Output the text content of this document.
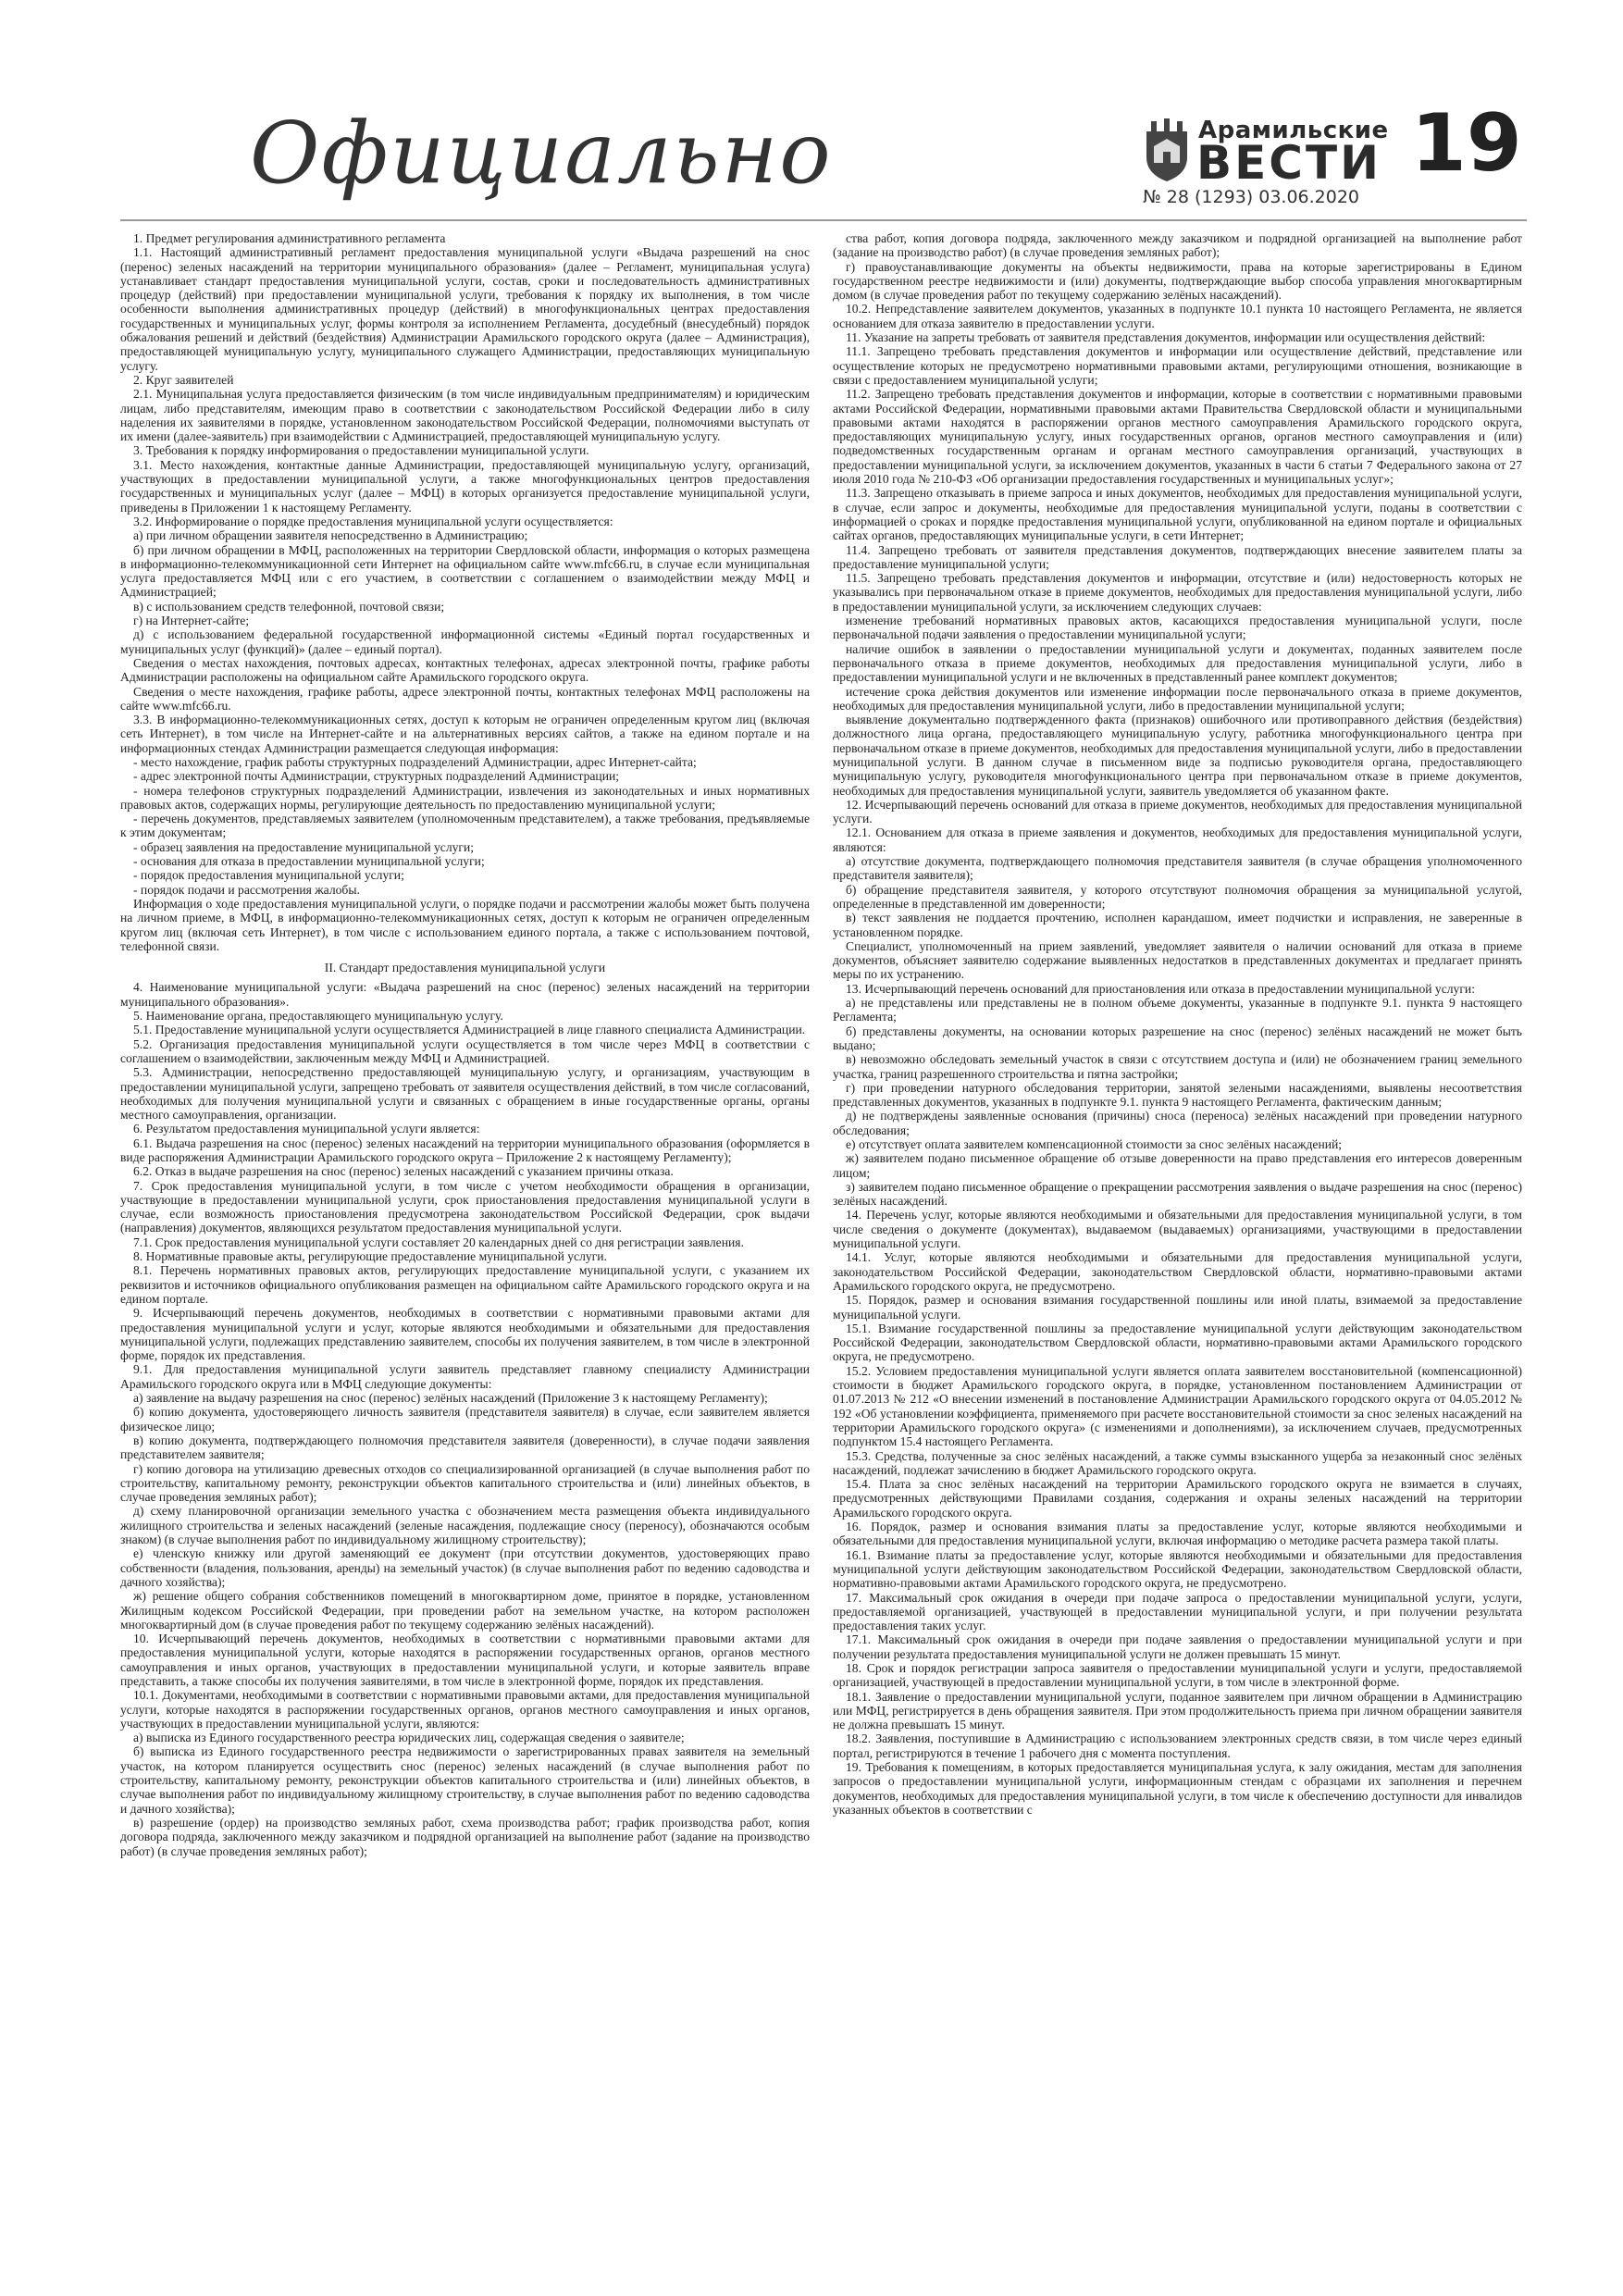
Официально	Арамильские
ВЕСТИ 19
№ 28 (1293) 03.06.2020

1. Предмет регулирования административного регламента

1.1. Настоящий административный регламент предоставления муниципальной услуги «Выдача разрешений на снос (перенос) зеленых насаждений на территории муниципального образования» (далее – Регламент, муниципальная услуга) устанавливает стандарт предоставления муниципальной услуги, состав, сроки и последовательность административных процедур (действий) при предоставлении муниципальной услуги, требования к порядку их выполнения, в том числе особенности выполнения административных процедур (действий) в многофункциональных центрах предоставления государственных и муниципальных услуг, формы контроля за исполнением Регламента, досудебный (внесудебный) порядок обжалования решений и действий (бездействия) Администрации Арамильского городского округа (далее – Администрация), предоставляющей муниципальную услугу, муниципального служащего Администрации, предоставляющих муниципальную услугу.

2. Круг заявителей

2.1. Муниципальная услуга предоставляется физическим (в том числе индивидуальным предпринимателям) и юридическим лицам, либо представителям, имеющим право в соответствии с законодательством Российской Федерации либо в силу наделения их заявителями в порядке, установленном законодательством Российской Федерации, полномочиями выступать от их имени (далее-заявитель) при взаимодействии с Администрацией, предоставляющей муниципальную услугу.

3. Требования к порядку информирования о предоставлении муниципальной услуги.

3.1. Место нахождения, контактные данные Администрации, предоставляющей муниципальную услугу, организаций, участвующих в предоставлении муниципальной услуги, а также многофункциональных центров предоставления государственных и муниципальных услуг (далее – МФЦ) в которых организуется предоставление муниципальной услуги, приведены в Приложении 1 к настоящему Регламенту.

3.2. Информирование о порядке предоставления муниципальной услуги осуществляется:

а) при личном обращении заявителя непосредственно в Администрацию;

б) при личном обращении в МФЦ, расположенных на территории Свердловской области, информация о которых размещена в информационно-телекоммуникационной сети Интернет на официальном сайте www.mfc66.ru, в случае если муниципальная услуга предоставляется МФЦ или с его участием, в соответствии с соглашением о взаимодействии между МФЦ и Администрацией;

в) с использованием средств телефонной, почтовой связи;

г) на Интернет-сайте;

д) с использованием федеральной государственной информационной системы «Единый портал государственных и муниципальных услуг (функций)» (далее – единый портал).

Сведения о местах нахождения, почтовых адресах, контактных телефонах, адресах электронной почты, графике работы Администрации расположены на официальном сайте Арамильского городского округа.

Сведения о месте нахождения, графике работы, адресе электронной почты, контактных телефонах МФЦ расположены на сайте www.mfc66.ru.

3.3. В информационно-телекоммуникационных сетях, доступ к которым не ограничен определенным кругом лиц (включая сеть Интернет), в том числе на Интернет-сайте и на альтернативных версиях сайтов, а также на едином портале и на информационных стендах Администрации размещается следующая информация:

- место нахождение, график работы структурных подразделений Администрации, адрес Интернет-сайта;

- адрес электронной почты Администрации, структурных подразделений Администрации;

- номера телефонов структурных подразделений Администрации, извлечения из законодательных и иных нормативных правовых актов, содержащих нормы, регулирующие деятельность по предоставлению муниципальной услуги;

- перечень документов, представляемых заявителем (уполномоченным представителем), а также требования, предъявляемые к этим документам;

- образец заявления на предоставление муниципальной услуги;

- основания для отказа в предоставлении муниципальной услуги;

- порядок предоставления муниципальной услуги;

- порядок подачи и рассмотрения жалобы.

Информация о ходе предоставления муниципальной услуги, о порядке подачи и рассмотрении жалобы может быть получена на личном приеме, в МФЦ, в информационно-телекоммуникационных сетях, доступ к которым не ограничен определенным кругом лиц (включая сеть Интернет), в том числе с использованием единого портала, а также с использованием почтовой, телефонной связи.

II. Стандарт предоставления муниципальной услуги

4. Наименование муниципальной услуги: «Выдача разрешений на снос (перенос) зеленых насаждений на территории муниципального образования».

5. Наименование органа, предоставляющего муниципальную услугу.

5.1. Предоставление муниципальной услуги осуществляется Администрацией в лице главного специалиста Администрации.

5.2. Организация предоставления муниципальной услуги осуществляется в том числе через МФЦ в соответствии с соглашением о взаимодействии, заключенным между МФЦ и Администрацией.

5.3. Администрации, непосредственно предоставляющей муниципальную услугу, и организациям, участвующим в предоставлении муниципальной услуги, запрещено требовать от заявителя осуществления действий, в том числе согласований, необходимых для получения муниципальной услуги и связанных с обращением в иные государственные органы, органы местного самоуправления, организации.

6. Результатом предоставления муниципальной услуги является:

6.1. Выдача разрешения на снос (перенос) зеленых насаждений на территории муниципального образования (оформляется в виде распоряжения Администрации Арамильского городского округа – Приложение 2 к настоящему Регламенту);

6.2. Отказ в выдаче разрешения на снос (перенос) зеленых насаждений с указанием причины отказа.

7. Срок предоставления муниципальной услуги, в том числе с учетом необходимости обращения в организации, участвующие в предоставлении муниципальной услуги, срок приостановления предоставления муниципальной услуги в случае, если возможность приостановления предусмотрена законодательством Российской Федерации, срок выдачи (направления) документов, являющихся результатом предоставления муниципальной услуги.

7.1. Срок предоставления муниципальной услуги составляет 20 календарных дней со дня регистрации заявления.

8. Нормативные правовые акты, регулирующие предоставление муниципальной услуги.

8.1. Перечень нормативных правовых актов, регулирующих предоставление муниципальной услуги, с указанием их реквизитов и источников официального опубликования размещен на официальном сайте Арамильского городского округа и на едином портале.

9. Исчерпывающий перечень документов, необходимых в соответствии с нормативными правовыми актами для предоставления муниципальной услуги и услуг, которые являются необходимыми и обязательными для предоставления муниципальной услуги, подлежащих представлению заявителем, способы их получения заявителем, в том числе в электронной форме, порядок их представления.

9.1. Для предоставления муниципальной услуги заявитель представляет главному специалисту Администрации Арамильского городского округа или в МФЦ следующие документы:

а) заявление на выдачу разрешения на снос (перенос) зелёных насаждений (Приложение 3 к настоящему Регламенту);

б) копию документа, удостоверяющего личность заявителя (представителя заявителя) в случае, если заявителем является физическое лицо;

в) копию документа, подтверждающего полномочия представителя заявителя (доверенности), в случае подачи заявления представителем заявителя;

г) копию договора на утилизацию древесных отходов со специализированной организацией (в случае выполнения работ по строительству, капитальному ремонту, реконструкции объектов капитального строительства и (или) линейных объектов, в случае проведения земляных работ);

д) схему планировочной организации земельного участка с обозначением места размещения объекта индивидуального жилищного строительства и зеленых насаждений (зеленые насаждения, подлежащие сносу (переносу), обозначаются особым знаком) (в случае выполнения работ по индивидуальному жилищному строительству);

е) членскую книжку или другой заменяющий ее документ (при отсутствии документов, удостоверяющих право собственности (владения, пользования, аренды) на земельный участок) (в случае выполнения работ по ведению садоводства и дачного хозяйства);

ж) решение общего собрания собственников помещений в многоквартирном доме, принятое в порядке, установленном Жилищным кодексом Российской Федерации, при проведении работ на земельном участке, на котором расположен многоквартирный дом (в случае проведения работ по текущему содержанию зелёных насаждений).

10. Исчерпывающий перечень документов, необходимых в соответствии с нормативными правовыми актами для предоставления муниципальной услуги, которые находятся в распоряжении государственных органов, органов местного самоуправления и иных органов, участвующих в предоставлении муниципальной услуги, и которые заявитель вправе представить, а также способы их получения заявителями, в том числе в электронной форме, порядок их представления.

10.1. Документами, необходимыми в соответствии с нормативными правовыми актами, для предоставления муниципальной услуги, которые находятся в распоряжении государственных органов, органов местного самоуправления и иных органов, участвующих в предоставлении муниципальной услуги, являются:

а) выписка из Единого государственного реестра юридических лиц, содержащая сведения о заявителе;

б) выписка из Единого государственного реестра недвижимости о зарегистрированных правах заявителя на земельный участок, на котором планируется осуществить снос (перенос) зеленых насаждений (в случае выполнения работ по строительству, капитальному ремонту, реконструкции объектов капитального строительства и (или) линейных объектов, в случае выполнения работ по индивидуальному жилищному строительству, в случае выполнения работ по ведению садоводства и дачного хозяйства);

в) разрешение (ордер) на производство земляных работ, схема производства работ; график производства работ, копия договора подряда, заключенного между заказчиком и подрядной организацией на выполнение работ (задание на производство работ) (в случае проведения земляных работ);

ства работ, копия договора подряда, заключенного между заказчиком и подрядной организацией на выполнение работ (задание на производство работ) (в случае проведения земляных работ);

г) правоустанавливающие документы на объекты недвижимости, права на которые зарегистрированы в Едином государственном реестре недвижимости и (или) документы, подтверждающие выбор способа управления многоквартирным домом (в случае проведения работ по текущему содержанию зелёных насаждений).

10.2. Непредставление заявителем документов, указанных в подпункте 10.1 пункта 10 настоящего Регламента, не является основанием для отказа заявителю в предоставлении услуги.

11. Указание на запреты требовать от заявителя представления документов, информации или осуществления действий:

11.1. Запрещено требовать представления документов и информации или осуществление действий, представление или осуществление которых не предусмотрено нормативными правовыми актами, регулирующими отношения, возникающие в связи с предоставлением муниципальной услуги;

11.2. Запрещено требовать представления документов и информации, которые в соответствии с нормативными правовыми актами Российской Федерации, нормативными правовыми актами Правительства Свердловской области и муниципальными правовыми актами находятся в распоряжении органов местного самоуправления Арамильского городского округа, предоставляющих муниципальную услугу, иных государственных органов, органов местного самоуправления и (или) подведомственных государственным органам и органам местного самоуправления организаций, участвующих в предоставлении муниципальной услуги, за исключением документов, указанных в части 6 статьи 7 Федерального закона от 27 июля 2010 года № 210-ФЗ «Об организации предоставления государственных и муниципальных услуг»;

11.3. Запрещено отказывать в приеме запроса и иных документов, необходимых для предоставления муниципальной услуги, в случае, если запрос и документы, необходимые для предоставления муниципальной услуги, поданы в соответствии с информацией о сроках и порядке предоставления муниципальной услуги, опубликованной на едином портале и официальных сайтах органов, предоставляющих муниципальные услуги, в сети Интернет;

11.4. Запрещено требовать от заявителя представления документов, подтверждающих внесение заявителем платы за предоставление муниципальной услуги;

11.5. Запрещено требовать представления документов и информации, отсутствие и (или) недостоверность которых не указывались при первоначальном отказе в приеме документов, необходимых для предоставления муниципальной услуги, либо в предоставлении муниципальной услуги, за исключением следующих случаев:

изменение требований нормативных правовых актов, касающихся предоставления муниципальной услуги, после первоначальной подачи заявления о предоставлении муниципальной услуги;

наличие ошибок в заявлении о предоставлении муниципальной услуги и документах, поданных заявителем после первоначального отказа в приеме документов, необходимых для предоставления муниципальной услуги, либо в предоставлении муниципальной услуги и не включенных в представленный ранее комплект документов;

истечение срока действия документов или изменение информации после первоначального отказа в приеме документов, необходимых для предоставления муниципальной услуги, либо в предоставлении муниципальной услуги;

выявление документально подтвержденного факта (признаков) ошибочного или противоправного действия (бездействия) должностного лица органа, предоставляющего муниципальную услугу, работника многофункционального центра при первоначальном отказе в приеме документов, необходимых для предоставления муниципальной услуги, либо в предоставлении муниципальной услуги. В данном случае в письменном виде за подписью руководителя органа, предоставляющего муниципальную услугу, руководителя многофункционального центра при первоначальном отказе в приеме документов, необходимых для предоставления муниципальной услуги, заявитель уведомляется об указанном факте.

12. Исчерпывающий перечень оснований для отказа в приеме документов, необходимых для предоставления муниципальной услуги.

12.1. Основанием для отказа в приеме заявления и документов, необходимых для предоставления муниципальной услуги, являются:

а) отсутствие документа, подтверждающего полномочия представителя заявителя (в случае обращения уполномоченного представителя заявителя);

б) обращение представителя заявителя, у которого отсутствуют полномочия обращения за муниципальной услугой, определенные в представленной им доверенности;

в) текст заявления не поддается прочтению, исполнен карандашом, имеет подчистки и исправления, не заверенные в установленном порядке.

Специалист, уполномоченный на прием заявлений, уведомляет заявителя о наличии оснований для отказа в приеме документов, объясняет заявителю содержание выявленных недостатков в представленных документах и предлагает принять меры по их устранению.

13. Исчерпывающий перечень оснований для приостановления или отказа в предоставлении муниципальной услуги:

а) не представлены или представлены не в полном объеме документы, указанные в подпункте 9.1. пункта 9 настоящего Регламента;

б) представлены документы, на основании которых разрешение на снос (перенос) зелёных насаждений не может быть выдано;

в) невозможно обследовать земельный участок в связи с отсутствием доступа и (или) не обозначением границ земельного участка, границ разрешенного строительства и пятна застройки;

г) при проведении натурного обследования территории, занятой зелеными насаждениями, выявлены несоответствия представленных документов, указанных в подпункте 9.1. пункта 9 настоящего Регламента, фактическим данным;

д) не подтверждены заявленные основания (причины) сноса (переноса) зелёных насаждений при проведении натурного обследования;

е) отсутствует оплата заявителем компенсационной стоимости за снос зелёных насаждений;

ж) заявителем подано письменное обращение об отзыве доверенности на право представления его интересов доверенным лицом;

з) заявителем подано письменное обращение о прекращении рассмотрения заявления о выдаче разрешения на снос (перенос) зелёных насаждений.

14. Перечень услуг, которые являются необходимыми и обязательными для предоставления муниципальной услуги, в том числе сведения о документе (документах), выдаваемом (выдаваемых) организациями, участвующими в предоставлении муниципальной услуги.

14.1. Услуг, которые являются необходимыми и обязательными для предоставления муниципальной услуги, законодательством Российской Федерации, законодательством Свердловской области, нормативно-правовыми актами Арамильского городского округа, не предусмотрено.

15. Порядок, размер и основания взимания государственной пошлины или иной платы, взимаемой за предоставление муниципальной услуги.

15.1. Взимание государственной пошлины за предоставление муниципальной услуги действующим законодательством Российской Федерации, законодательством Свердловской области, нормативно-правовыми актами Арамильского городского округа, не предусмотрено.

15.2. Условием предоставления муниципальной услуги является оплата заявителем восстановительной (компенсационной) стоимости в бюджет Арамильского городского округа, в порядке, установленном постановлением Администрации от 01.07.2013 № 212 «О внесении изменений в постановление Администрации Арамильского городского округа от 04.05.2012 № 192 «Об установлении коэффициента, применяемого при расчете восстановительной стоимости за снос зеленых насаждений на территории Арамильского городского округа» (с изменениями и дополнениями), за исключением случаев, предусмотренных подпунктом 15.4 настоящего Регламента.

15.3. Средства, полученные за снос зелёных насаждений, а также суммы взысканного ущерба за незаконный снос зелёных насаждений, подлежат зачислению в бюджет Арамильского городского округа.

15.4. Плата за снос зелёных насаждений на территории Арамильского городского округа не взимается в случаях, предусмотренных действующими Правилами создания, содержания и охраны зеленых насаждений на территории Арамильского городского округа.

16. Порядок, размер и основания взимания платы за предоставление услуг, которые являются необходимыми и обязательными для предоставления муниципальной услуги, включая информацию о методике расчета размера такой платы.

16.1. Взимание платы за предоставление услуг, которые являются необходимыми и обязательными для предоставления муниципальной услуги действующим законодательством Российской Федерации, законодательством Свердловской области, нормативно-правовыми актами Арамильского городского округа, не предусмотрено.

17. Максимальный срок ожидания в очереди при подаче запроса о предоставлении муниципальной услуги, услуги, предоставляемой организацией, участвующей в предоставлении муниципальной услуги, и при получении результата предоставления таких услуг.

17.1. Максимальный срок ожидания в очереди при подаче заявления о предоставлении муниципальной услуги и при получении результата предоставления муниципальной услуги не должен превышать 15 минут.

18. Срок и порядок регистрации запроса заявителя о предоставлении муниципальной услуги и услуги, предоставляемой организацией, участвующей в предоставлении муниципальной услуги, в том числе в электронной форме.

18.1. Заявление о предоставлении муниципальной услуги, поданное заявителем при личном обращении в Администрацию или МФЦ, регистрируется в день обращения заявителя. При этом продолжительность приема при личном обращении заявителя не должна превышать 15 минут.

18.2. Заявления, поступившие в Администрацию с использованием электронных средств связи, в том числе через единый портал, регистрируются в течение 1 рабочего дня с момента поступления.

19. Требования к помещениям, в которых предоставляется муниципальная услуга, к залу ожидания, местам для заполнения запросов о предоставлении муниципальной услуги, информационным стендам с образцами их заполнения и перечнем документов, необходимых для предоставления муниципальной услуги, в том числе к обеспечению доступности для инвалидов указанных объектов в соответствии с
